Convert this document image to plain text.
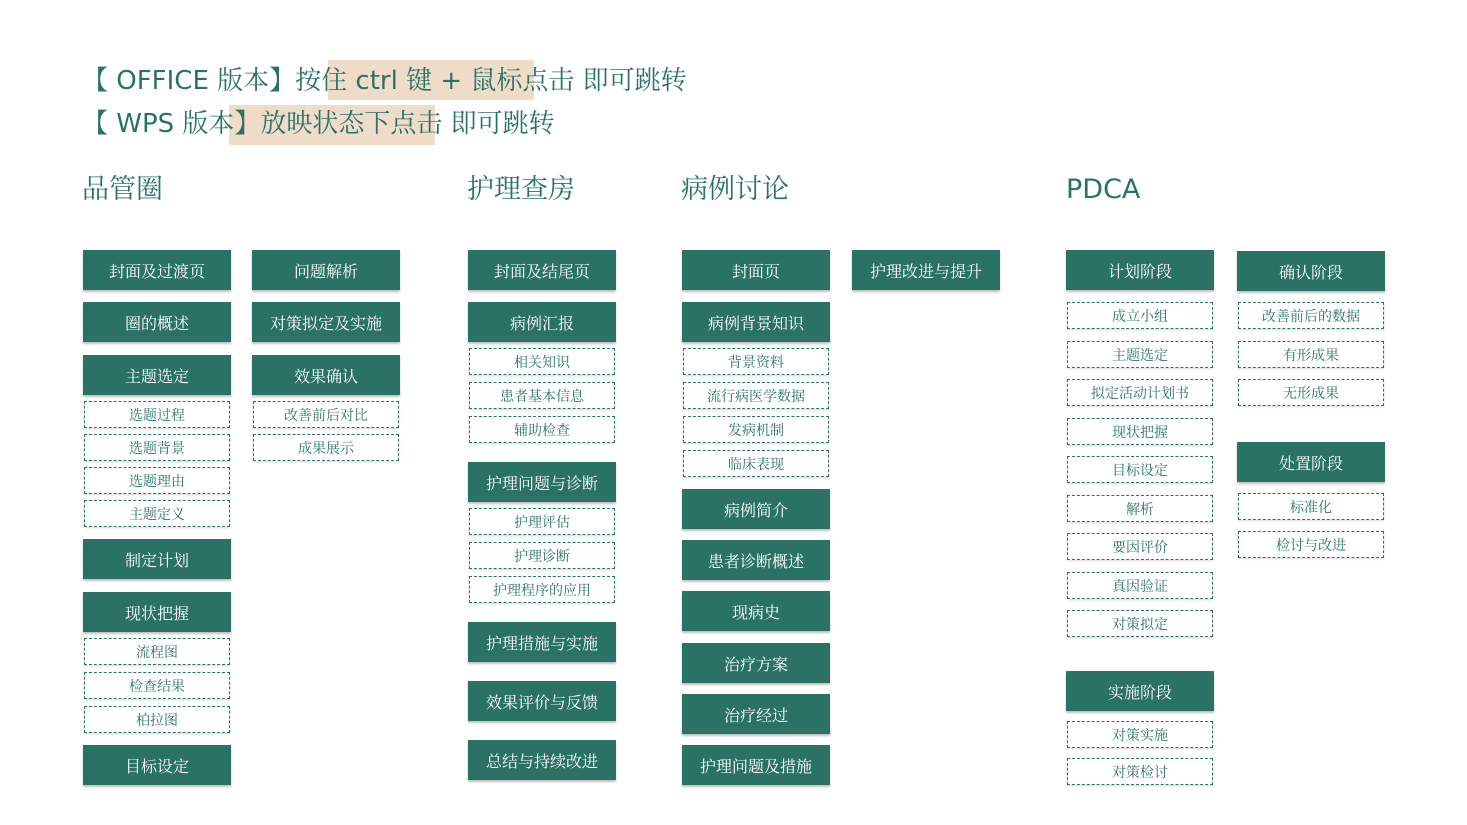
【 OFFICE 版本】按住 ctrl 键 + 鼠标点击 即可跳转

【 WPS 版本】放映状态下点击 即可跳转

品管圈	护理查房	病例讨论	PDCA
封面及过渡页
圈的概述
主题选定
选题过程
选题背景
选题理由
主题定义
制定计划
现状把握
流程图
检查结果
柏拉图
目标设定
问题解析
对策拟定及实施
效果确认
改善前后对比
成果展示
封面及结尾页
病例汇报
相关知识
患者基本信息
辅助检查
护理问题与诊断
护理评估
护理诊断
护理程序的应用
护理措施与实施
效果评价与反馈
总结与持续改进
封面页
病例背景知识
背景资料
流行病医学数据
发病机制
临床表现
病例简介
患者诊断概述
现病史
治疗方案
治疗经过
护理问题及措施
护理改进与提升	计划阶段
成立小组
主题选定
拟定活动计划书
现状把握
目标设定
解析
要因评价
真因验证
对策拟定
实施阶段
对策实施
对策检讨
确认阶段
改善前后的数据
有形成果
无形成果
处置阶段
标准化
检讨与改进
